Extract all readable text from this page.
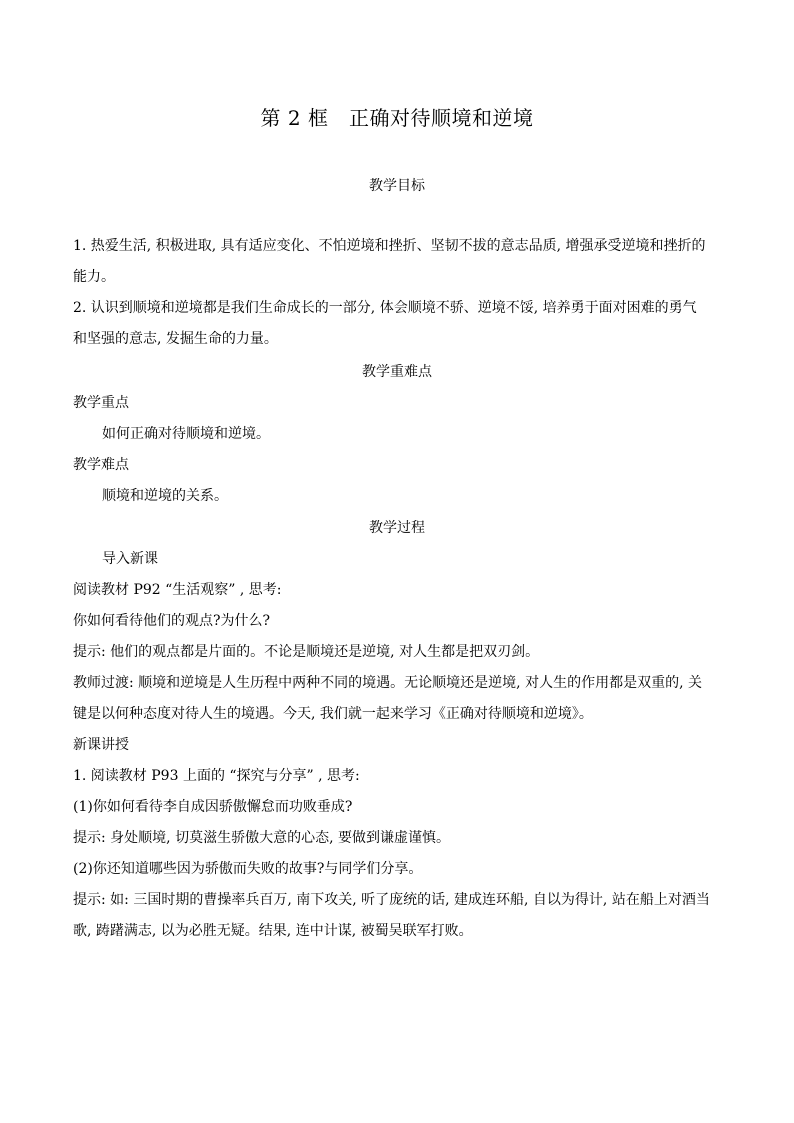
第 2 框　正确对待顺境和逆境
教学目标
1. 热爱生活, 积极进取, 具有适应变化、不怕逆境和挫折、坚韧不拔的意志品质, 增强承受逆境和挫折的
能力。
2. 认识到顺境和逆境都是我们生命成长的一部分, 体会顺境不骄、逆境不馁, 培养勇于面对困难的勇气
和坚强的意志, 发掘生命的力量。
教学重难点
教学重点
如何正确对待顺境和逆境。
教学难点
顺境和逆境的关系。
教学过程
导入新课
阅读教材 P92 “生活观察” , 思考:
你如何看待他们的观点?为什么?
提示: 他们的观点都是片面的。不论是顺境还是逆境, 对人生都是把双刃剑。
教师过渡: 顺境和逆境是人生历程中两种不同的境遇。无论顺境还是逆境, 对人生的作用都是双重的, 关
键是以何种态度对待人生的境遇。今天, 我们就一起来学习《正确对待顺境和逆境》。
新课讲授
1. 阅读教材 P93 上面的 “探究与分享” , 思考:
(1)你如何看待李自成因骄傲懈怠而功败垂成?
提示: 身处顺境, 切莫滋生骄傲大意的心态, 要做到谦虚谨慎。
(2)你还知道哪些因为骄傲而失败的故事?与同学们分享。
提示: 如: 三国时期的曹操率兵百万, 南下攻关, 听了庞统的话, 建成连环船, 自以为得计, 站在船上对酒当
歌, 踌躇满志, 以为必胜无疑。结果, 连中计谋, 被蜀吴联军打败。
